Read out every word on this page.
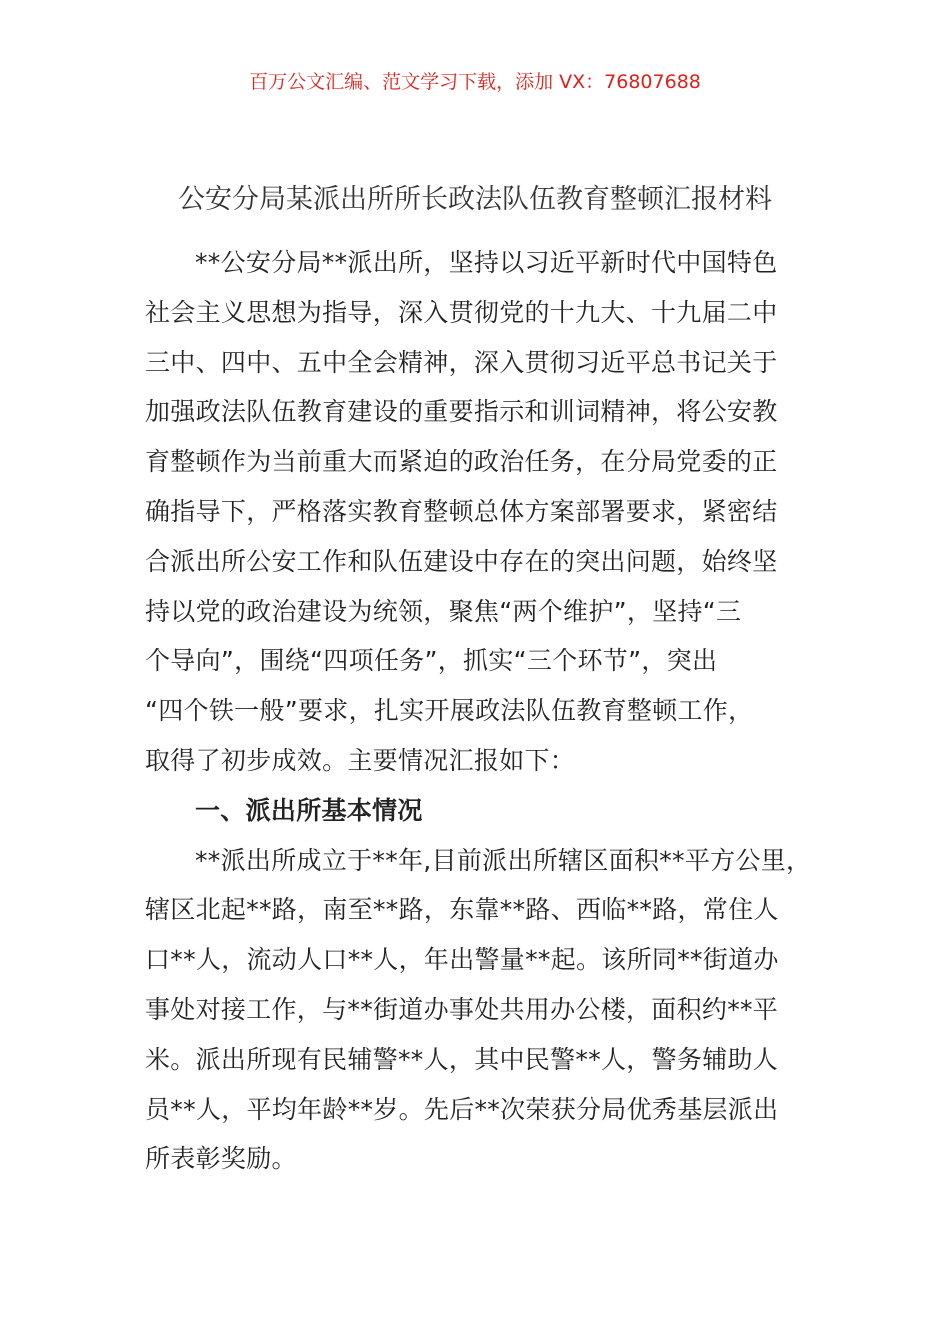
百万公文汇编、范文学习下载，添加 VX：76807688
公安分局某派出所所长政法队伍教育整顿汇报材料
**公安分局**派出所，坚持以习近平新时代中国特色
社会主义思想为指导，深入贯彻党的十九大、十九届二中
三中、四中、五中全会精神，深入贯彻习近平总书记关于
加强政法队伍教育建设的重要指示和训词精神，将公安教
育整顿作为当前重大而紧迫的政治任务，在分局党委的正
确指导下，严格落实教育整顿总体方案部署要求，紧密结
合派出所公安工作和队伍建设中存在的突出问题，始终坚
持以党的政治建设为统领，聚焦“两个维护”，坚持“三
个导向”，围绕“四项任务”，抓实“三个环节”，突出
“四个铁一般”要求，扎实开展政法队伍教育整顿工作，
取得了初步成效。主要情况汇报如下：
一、派出所基本情况
**派出所成立于**年,目前派出所辖区面积**平方公里，
辖区北起**路，南至**路，东靠**路、西临**路，常住人
口**人，流动人口**人，年出警量**起。该所同**街道办
事处对接工作，与**街道办事处共用办公楼，面积约**平
米。派出所现有民辅警**人，其中民警**人，警务辅助人
员**人，平均年龄**岁。先后**次荣获分局优秀基层派出
所表彰奖励。
